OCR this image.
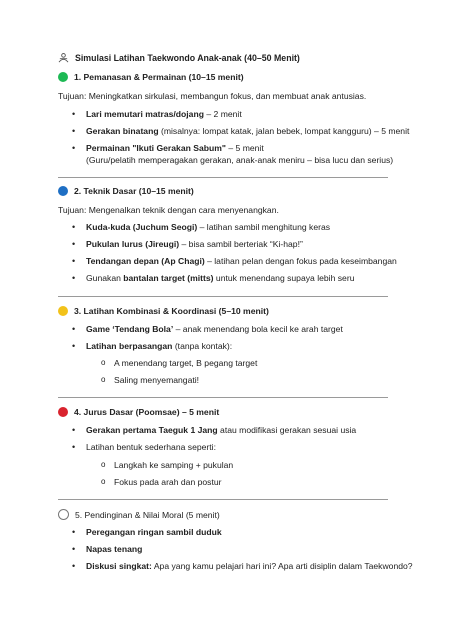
Simulasi Latihan Taekwondo Anak-anak (40–50 Menit)
1. Pemanasan & Permainan (10–15 menit)
Tujuan: Meningkatkan sirkulasi, membangun fokus, dan membuat anak antusias.
• Lari memutari matras/dojang – 2 menit
• Gerakan binatang (misalnya: lompat katak, jalan bebek, lompat kangguru) – 5 menit
• Permainan "Ikuti Gerakan Sabum" – 5 menit
(Guru/pelatih memperagakan gerakan, anak-anak meniru – bisa lucu dan serius)
2. Teknik Dasar (10–15 menit)
Tujuan: Mengenalkan teknik dengan cara menyenangkan.
• Kuda-kuda (Juchum Seogi) – latihan sambil menghitung keras
• Pukulan lurus (Jireugi) – bisa sambil berteriak “Ki-hap!”
• Tendangan depan (Ap Chagi) – latihan pelan dengan fokus pada keseimbangan
• Gunakan bantalan target (mitts) untuk menendang supaya lebih seru
3. Latihan Kombinasi & Koordinasi (5–10 menit)
• Game ‘Tendang Bola’ – anak menendang bola kecil ke arah target
• Latihan berpasangan (tanpa kontak):
o A menendang target, B pegang target
o Saling menyemangati!
4. Jurus Dasar (Poomsae) – 5 menit
• Gerakan pertama Taeguk 1 Jang atau modifikasi gerakan sesuai usia
• Latihan bentuk sederhana seperti:
o Langkah ke samping + pukulan
o Fokus pada arah dan postur
5. Pendinginan & Nilai Moral (5 menit)
• Peregangan ringan sambil duduk
• Napas tenang
• Diskusi singkat: Apa yang kamu pelajari hari ini? Apa arti disiplin dalam Taekwondo?
